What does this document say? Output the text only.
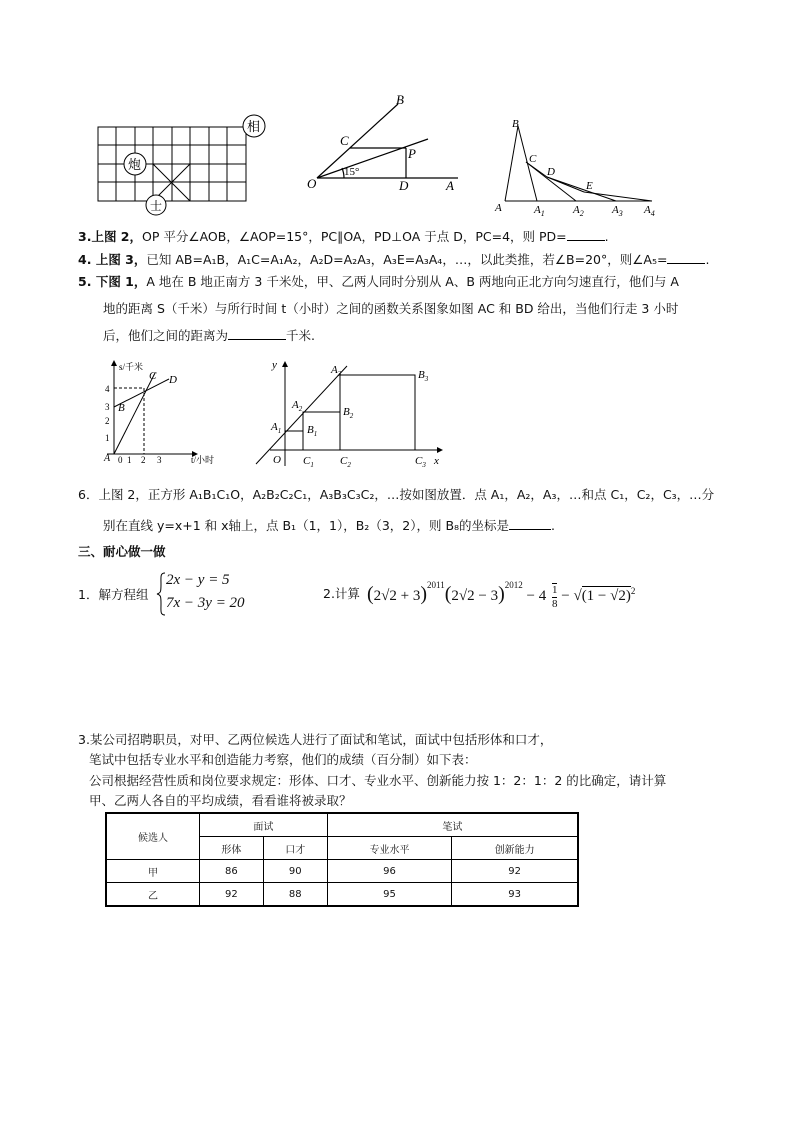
相
炮
士
B
C
P
O	D	A
15°
B
C
D
E
A	$A_1$	$A_2$	$A_3$ $A_4$
3.上图 2，OP 平分∠AOB，∠AOP=15°，PC∥OA，PD⊥OA 于点 D，PC=4，则 PD=	.
4. 上图 3，已知 AB=A₁B，A₁C=A₁A₂，A₂D=A₂A₃，A₃E=A₃A₄，…，以此类推，若∠B=20°，则∠A₅=	.
5. 下图 1，A 地在 B 地正南方 3 千米处，甲、乙两人同时分别从 A、B 两地向正北方向匀速直行，他们与 A
地的距离 S（千米）与所行时间 t（小时）之间的函数关系图象如图 AC 和 BD 给出，当他们行走 3 小时
后，他们之间的距离为	千米.
s/千米
t/小时
C D
B
A 0
4
3
2
1
1 2 3
y
x
O
$A_1$
$A_2$
$A_3$
$B_1$
$B_2$
$B_3$
$C_1$ $C_2$	$C_3$
6．上图 2，正方形 A₁B₁C₁O，A₂B₂C₂C₁，A₃B₃C₃C₂，…按如图放置．点 A₁，A₂，A₃，…和点 C₁，C₂，C₃，…分
别在直线 y=x+1 和 x轴上，点 B₁（1，1），B₂（3，2），则 B₈的坐标是	.
三、耐心做一做
1．解方程组
2x − y = 5
7x − 3y = 20
2.计算 $(2√2 + 3)^{2011}(2√2 - 3)^{2012} - 4 \frac{1}{8} - √(1 - √2)^2$
3.某公司招聘职员，对甲、乙两位候选人进行了面试和笔试，面试中包括形体和口才，
笔试中包括专业水平和创造能力考察，他们的成绩（百分制）如下表：
公司根据经营性质和岗位要求规定：形体、口才、专业水平、创新能力按 1：2：1：2 的比确定，请计算
甲、乙两人各自的平均成绩，看看谁将被录取？
候选人	面试		笔试	
	形体	口才	专业水平	创新能力
甲	86	90	96	92
乙	92	88	95	93
